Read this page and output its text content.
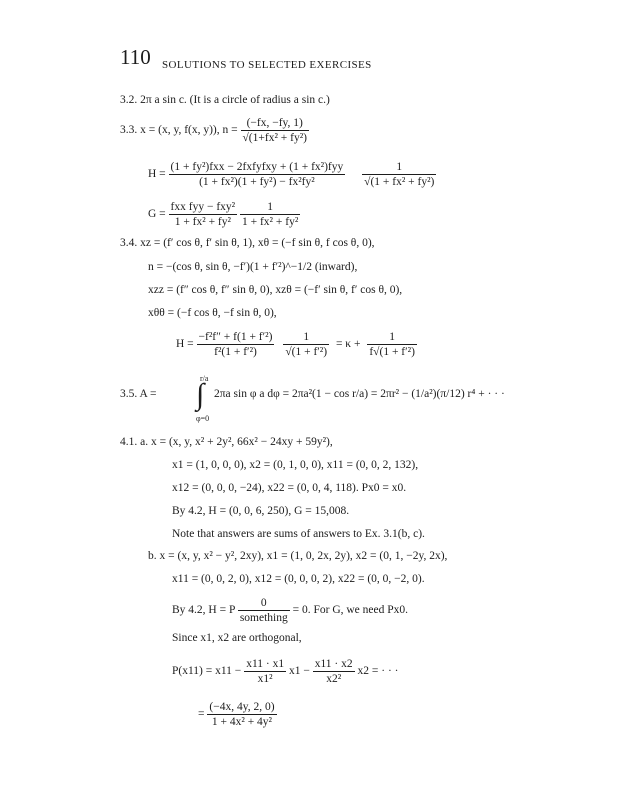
110 SOLUTIONS TO SELECTED EXERCISES
3.2. 2π a sin c. (It is a circle of radius a sin c.)
3.3. x = (x, y, f(x, y)), $n = \frac{(-fx, -fy, 1)}{\text{√(1+fx² + fy²)}}$
$H = \frac{\text{(1 + fy²)fxx − 2fxfyfxy + (1 + fx²)fyy}}{\text{(1 + fx²)(1 + fy²) − fx²fy²}}$
$\frac{1}{\text{√(1 + fx² + fy²)}}$
$G = \frac{\text{fxx fyy − fxy²}}{\text{1 + fx² + fy²}}$
$\frac{1}{\text{1 + fx² + fy²}}$
3.4. xz = (f′ cos θ, f′ sin θ, 1), xθ = (−f sin θ, f cos θ, 0),
n = −(cos θ, sin θ, −f′)(1 + f′²)^−1/2 (inward),
xzz = (f″ cos θ, f″ sin θ, 0), xzθ = (−f′ sin θ, f′ cos θ, 0),
xθθ = (−f cos θ, −f sin θ, 0),
$H = \frac{\text{−f²f″ + f(1 + f′²)}}{\text{f²(1 + f′²)}}$
$\frac{1}{\text{√(1 + f′²)}} = \kappa + \frac{1}{\text{f√(1 + f′²)}}$
r/a
3.5. A = ∫ 2πa sin φ a dφ = 2πa²(1 − cos r/a) = 2πr² − (1/a²)(π/12) r⁴ + · · ·
φ=0
4.1. a. x = (x, y, x² + 2y², 66x² − 24xy + 59y²),
x1 = (1, 0, 0, 0), x2 = (0, 1, 0, 0), x11 = (0, 0, 2, 132),
x12 = (0, 0, 0, −24), x22 = (0, 0, 4, 118). Px0 = x0.
By 4.2, H = (0, 0, 6, 250), G = 15,008.
Note that answers are sums of answers to Ex. 3.1(b, c).
b. x = (x, y, x² − y², 2xy), x1 = (1, 0, 2x, 2y), x2 = (0, 1, −2y, 2x),
x11 = (0, 0, 2, 0), x12 = (0, 0, 0, 2), x22 = (0, 0, −2, 0).
By 4.2, H = P $\frac{0}{\text{something}} = 0$. For G, we need Px0.
Since x1, x2 are orthogonal,
$P(x11) = x11 - \frac{x11 \cdot x1}{\text{x1²}} x1 - \frac{x11 \cdot x2}{\text{x2²}} x2$ = · · ·
= $\frac{(-4x, 4y, 2, 0)}{\text{1 + 4x² + 4y²}}$
